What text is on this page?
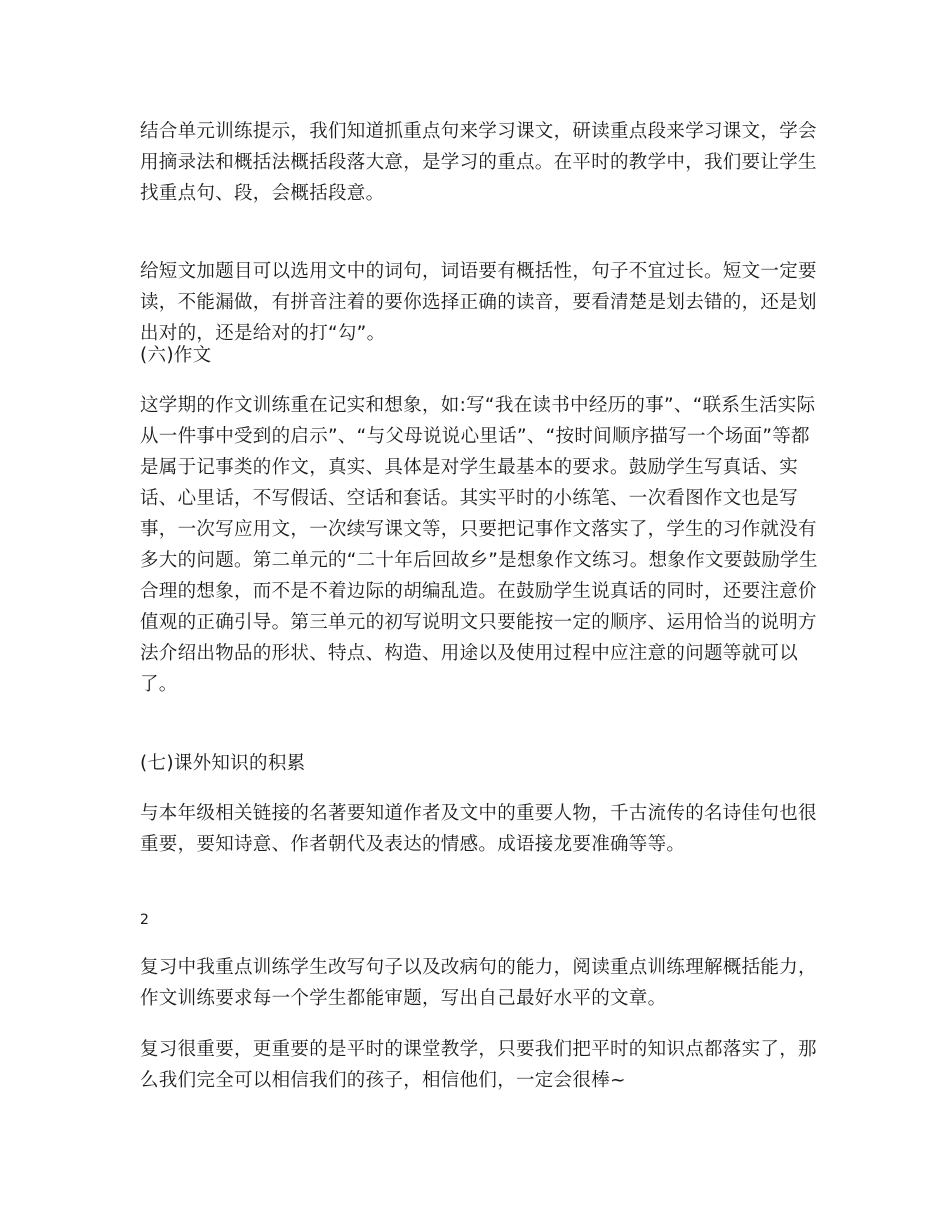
结合单元训练提示，我们知道抓重点句来学习课文，研读重点段来学习课文，学会用摘录法和概括法概括段落大意，是学习的重点。在平时的教学中，我们要让学生找重点句、段，会概括段意。

给短文加题目可以选用文中的词句，词语要有概括性，句子不宜过长。短文一定要读，不能漏做，有拼音注着的要你选择正确的读音，要看清楚是划去错的，还是划出对的，还是给对的打“勾”。

(六)作文

这学期的作文训练重在记实和想象，如:写“我在读书中经历的事”、“联系生活实际从一件事中受到的启示”、“与父母说说心里话”、“按时间顺序描写一个场面”等都是属于记事类的作文，真实、具体是对学生最基本的要求。鼓励学生写真话、实话、心里话，不写假话、空话和套话。其实平时的小练笔、一次看图作文也是写事，一次写应用文，一次续写课文等，只要把记事作文落实了，学生的习作就没有多大的问题。第二单元的“二十年后回故乡”是想象作文练习。想象作文要鼓励学生合理的想象，而不是不着边际的胡编乱造。在鼓励学生说真话的同时，还要注意价值观的正确引导。第三单元的初写说明文只要能按一定的顺序、运用恰当的说明方法介绍出物品的形状、特点、构造、用途以及使用过程中应注意的问题等就可以了。

(七)课外知识的积累

与本年级相关链接的名著要知道作者及文中的重要人物，千古流传的名诗佳句也很重要，要知诗意、作者朝代及表达的情感。成语接龙要准确等等。

2

复习中我重点训练学生改写句子以及改病句的能力，阅读重点训练理解概括能力，作文训练要求每一个学生都能审题，写出自己最好水平的文章。

复习很重要，更重要的是平时的课堂教学，只要我们把平时的知识点都落实了，那么我们完全可以相信我们的孩子，相信他们，一定会很棒~
